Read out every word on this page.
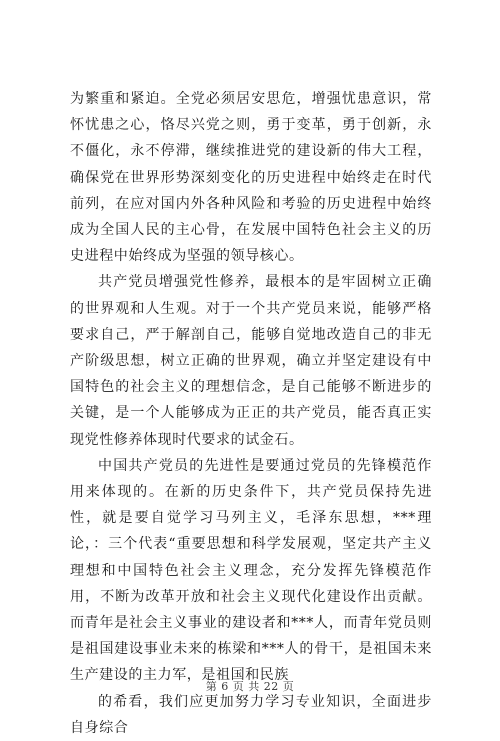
为繁重和紧迫。全党必须居安思危，增强忧患意识，常怀忧患之心，恪尽兴党之则，勇于变革，勇于创新，永不僵化，永不停滞，继续推进党的建设新的伟大工程，确保党在世界形势深刻变化的历史进程中始终走在时代前列，在应对国内外各种风险和考验的历史进程中始终成为全国人民的主心骨，在发展中国特色社会主义的历史进程中始终成为坚强的领导核心。

共产党员增强党性修养，最根本的是牢固树立正确的世界观和人生观。对于一个共产党员来说，能够严格要求自己，严于解剖自己，能够自觉地改造自己的非无产阶级思想，树立正确的世界观，确立并坚定建设有中国特色的社会主义的理想信念，是自己能够不断进步的关键，是一个人能够成为正正的共产党员，能否真正实现党性修养体现时代要求的试金石。

中国共产党员的先进性是要通过党员的先锋模范作用来体现的。在新的历史条件下，共产党员保持先进性，就是要自觉学习马列主义，毛泽东思想，***理论，：三个代表“重要思想和科学发展观，坚定共产主义理想和中国特色社会主义理念，充分发挥先锋模范作用，不断为改革开放和社会主义现代化建设作出贡献。而青年是社会主义事业的建设者和***人，而青年党员则是祖国建设事业未来的栋梁和***人的骨干，是祖国未来生产建设的主力军，是祖国和民族

的希看，我们应更加努力学习专业知识，全面进步自身综合

第 6 页 共 22 页
